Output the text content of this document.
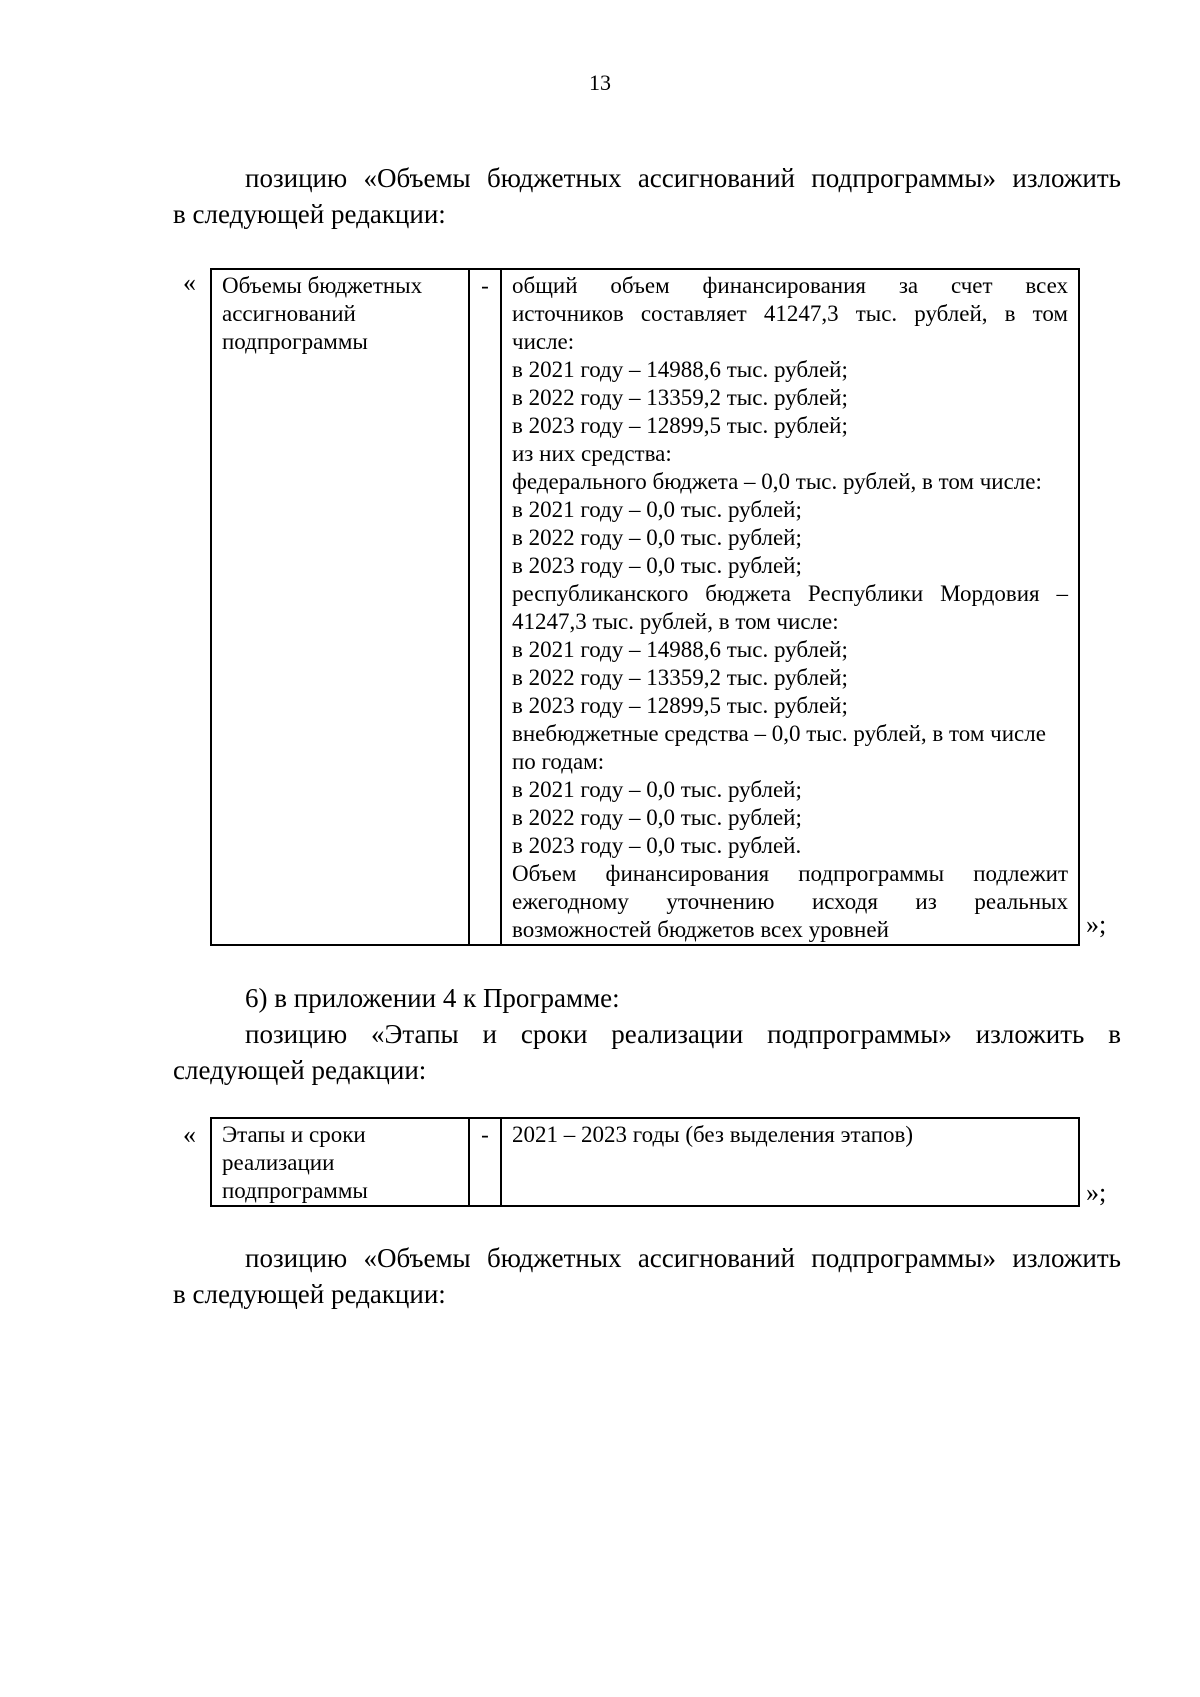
13
позицию «Объемы бюджетных ассигнований подпрограммы» изложить
в следующей редакции:
« Объемы бюджетных
ассигнований
подпрограммы
	-	общий объем финансирования за счет всех
источников составляет 41247,3 тыс. рублей, в том
числе:
в 2021 году – 14988,6 тыс. рублей;
в 2022 году – 13359,2 тыс. рублей;
в 2023 году – 12899,5 тыс. рублей;
из них средства:
федерального бюджета – 0,0 тыс. рублей, в том числе:
в 2021 году – 0,0 тыс. рублей;
в 2022 году – 0,0 тыс. рублей;
в 2023 году – 0,0 тыс. рублей;
республиканского бюджета Республики Мордовия –
41247,3 тыс. рублей, в том числе:
в 2021 году – 14988,6 тыс. рублей;
в 2022 году – 13359,2 тыс. рублей;
в 2023 году – 12899,5 тыс. рублей;
внебюджетные средства – 0,0 тыс. рублей, в том числе
по годам:
в 2021 году – 0,0 тыс. рублей;
в 2022 году – 0,0 тыс. рублей;
в 2023 году – 0,0 тыс. рублей.
Объем финансирования подпрограммы подлежит
ежегодному уточнению исходя из реальных
возможностей бюджетов всех уровней	»;
6) в приложении 4 к Программе:
позицию «Этапы и сроки реализации подпрограммы» изложить в
следующей редакции:
« Этапы и сроки
реализации
подпрограммы
	-	2021 – 2023 годы (без выделения этапов)
»;
позицию «Объемы бюджетных ассигнований подпрограммы» изложить
в следующей редакции:
